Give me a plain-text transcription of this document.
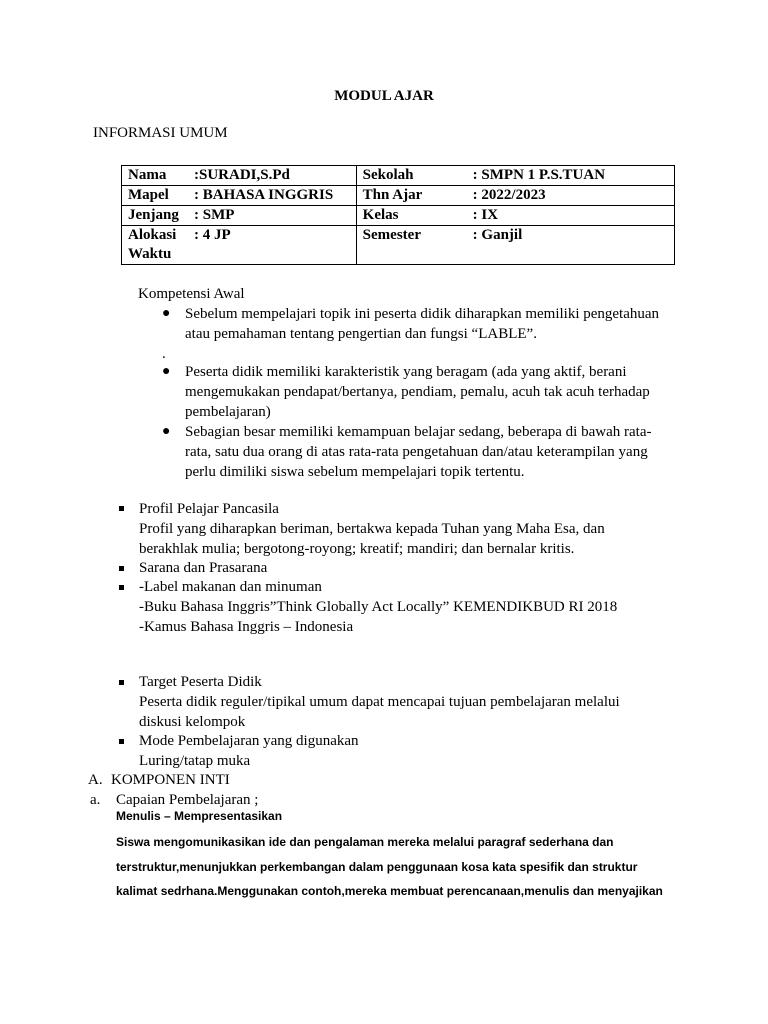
MODUL AJAR
INFORMASI UMUM
Nama :SURADI,S.Pd	Sekolah : SMPN 1 P.S.TUAN

Mapel : BAHASA INGGRIS	Thn Ajar : 2022/2023

Jenjang : SMP	Kelas : IX

Alokasi
Waktu
: 4 JP	Semester : Ganjil
Kompetensi Awal
● Sebelum mempelajari topik ini peserta didik diharapkan memiliki pengetahuan
atau pemahaman tentang pengertian dan fungsi “LABLE”.
.
● Peserta didik memiliki karakteristik yang beragam (ada yang aktif, berani
mengemukakan pendapat/bertanya, pendiam, pemalu, acuh tak acuh terhadap
pembelajaran)
● Sebagian besar memiliki kemampuan belajar sedang, beberapa di bawah rata-
rata, satu dua orang di atas rata-rata pengetahuan dan/atau keterampilan yang
perlu dimiliki siswa sebelum mempelajari topik tertentu.
Profil Pelajar Pancasila
Profil yang diharapkan beriman, bertakwa kepada Tuhan yang Maha Esa, dan
berakhlak mulia; bergotong-royong; kreatif; mandiri; dan bernalar kritis.
Sarana dan Prasarana
-Label makanan dan minuman
-Buku Bahasa Inggris”Think Globally Act Locally” KEMENDIKBUD RI 2018
-Kamus Bahasa Inggris – Indonesia
Target Peserta Didik
Peserta didik reguler/tipikal umum dapat mencapai tujuan pembelajaran melalui
diskusi kelompok
Mode Pembelajaran yang digunakan
Luring/tatap muka
A. KOMPONEN INTI
a. Capaian Pembelajaran ;
Menulis – Mempresentasikan
Siswa mengomunikasikan ide dan pengalaman mereka melalui paragraf sederhana dan
terstruktur,menunjukkan perkembangan dalam penggunaan kosa kata spesifik dan struktur
kalimat sedrhana.Menggunakan contoh,mereka membuat perencanaan,menulis dan menyajikan
